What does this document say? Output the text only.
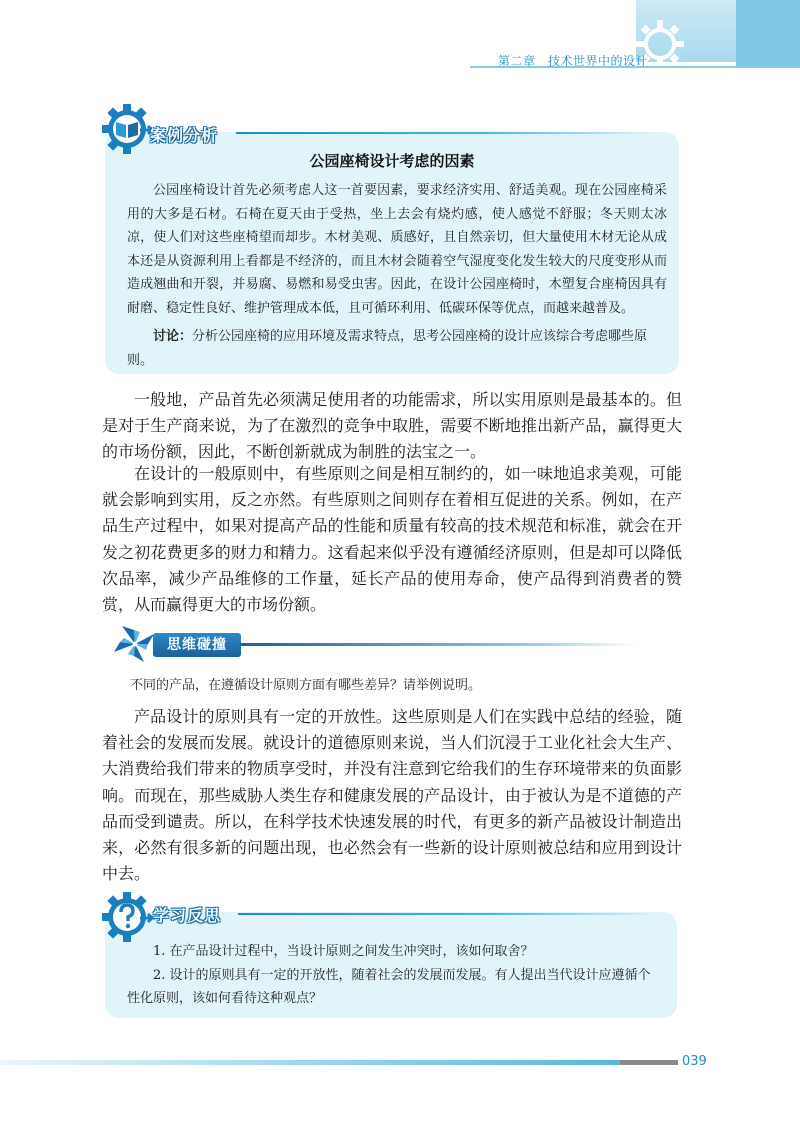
第二章　技术世界中的设计
公园座椅设计考虑的因素

公园座椅设计首先必须考虑人这一首要因素，要求经济实用、舒适美观。现在公园座椅采用的大多是石材。石椅在夏天由于受热，坐上去会有烧灼感，使人感觉不舒服；冬天则太冰凉，使人们对这些座椅望而却步。木材美观、质感好，且自然亲切，但大量使用木材无论从成本还是从资源利用上看都是不经济的，而且木材会随着空气湿度变化发生较大的尺度变形从而造成翘曲和开裂，并易腐、易燃和易受虫害。因此，在设计公园座椅时，木塑复合座椅因具有耐磨、稳定性良好、维护管理成本低，且可循环利用、低碳环保等优点，而越来越普及。

讨论：分析公园座椅的应用环境及需求特点，思考公园座椅的设计应该综合考虑哪些原则。

案例分析

一般地，产品首先必须满足使用者的功能需求，所以实用原则是最基本的。但是对于生产商来说，为了在激烈的竞争中取胜，需要不断地推出新产品，赢得更大的市场份额，因此，不断创新就成为制胜的法宝之一。

在设计的一般原则中，有些原则之间是相互制约的，如一味地追求美观，可能就会影响到实用，反之亦然。有些原则之间则存在着相互促进的关系。例如，在产品生产过程中，如果对提高产品的性能和质量有较高的技术规范和标准，就会在开发之初花费更多的财力和精力。这看起来似乎没有遵循经济原则，但是却可以降低次品率，减少产品维修的工作量，延长产品的使用寿命，使产品得到消费者的赞赏，从而赢得更大的市场份额。

思维碰撞
不同的产品，在遵循设计原则方面有哪些差异？请举例说明。

产品设计的原则具有一定的开放性。这些原则是人们在实践中总结的经验，随着社会的发展而发展。就设计的道德原则来说，当人们沉浸于工业化社会大生产、大消费给我们带来的物质享受时，并没有注意到它给我们的生存环境带来的负面影响。而现在，那些威胁人类生存和健康发展的产品设计，由于被认为是不道德的产品而受到谴责。所以，在科学技术快速发展的时代，有更多的新产品被设计制造出来，必然有很多新的问题出现，也必然会有一些新的设计原则被总结和应用到设计中去。

1. 在产品设计过程中，当设计原则之间发生冲突时，该如何取舍？
2. 设计的原则具有一定的开放性，随着社会的发展而发展。有人提出当代设计应遵循个性化原则，该如何看待这种观点？
学习反思
039
